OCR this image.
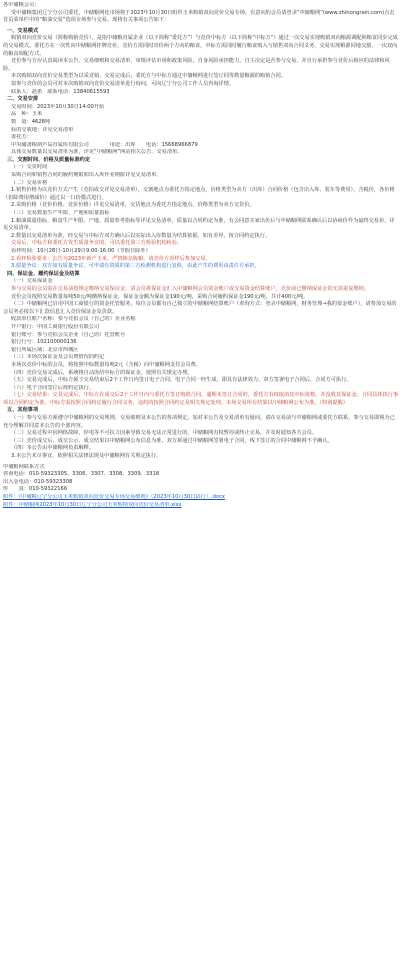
各中储粮会员：
受中储粮集团辽宁分公司委托，中储粮网化市场将于2023年10月30日组织玉米购销双向竞价交易专场，有意向的会员请登录“中储粮网”(www.zhinongrain.com)点击首页菜单栏中的“粮油交易”选项专场参与交易。现将有关事项公告如下：
一、交易模式
购销双向竞价交易（简称购销竞价），是指中储粮直属企业（以下简称“委托方”）与竞价中标方（以下简称“中标方”）通过一次交易实现购销双向粮源调配和粮食同步完成的交易模式。委托方在一次性向中储粮网挂牌竞价，竞价方需同时出价两个方向的粮食，中标方需同时履行粮食购入与销售双向合同义务，交易实现粮源同地交割、一次双向的粮食调配方式。
竞价参与方应认真阅读本公告、交易细则和交易清单，审慎评估市场和政策风险，自身风险承担能力，自主决定是否参与交易，并自行承担参与竞价后相应的法律和风险。
本次购销双向竞价交易类型为以采竞销，交易完成后，委托方与中标方通过中储粮网进行签订同等数量粮源的购销合同。
拟参与竞价的会员可对本次购销双向竞价交易清单进行询问，可向辽宁分公司工作人员咨询详情。
联系人：赵希　联系电话：13840615593
二、交易安排
交易时间：2023年10月30日14:00开始
品　种：玉米
数　量：4628吨
标的交收地：详见交易清单
委托方：
中央储备粮葫芦岛直属库有限公司　　　　用途：出库　　电话：15668966879
具体交易数量以交易清单为准，详见“中储粮网”网站相关公告、交易清单。
三、交割时间、价格及质量标准约定
（一）交货时间
采购合同和销售合同的履约期限和出入库作业期限详见交易清单。
（二）交易价格
1.销售价格为以竞价方式产生（竞拍成交详见交易清单），交割地点为委托方指定地点，价格类型为卖方（出库）合同价格（包含出入库、装车等费用），含税价，各价格（扣除费用增减价）通过以一口价模式进行。
2.采购价格（竞价价格、竞价价格）详见交易清单，交货地点为委托方指定地点，价格类型为卖方交货价。
（三）交易数量生产年限、产地和质量指标
1.粮油质量指标，粮食生产年限、产地、质量参考指标等详见交易清单，质量以合同约定为准，有会同意买家出价后与中储粮网联系确认后以协商价作为最终交易价，详见交易清单。
2.数量以交易清单为准，经交易与中标方双方确认后以实际出入库数量为结算依据，如有差异，按合同约定执行。
交易后，中标方和委托方发生质量争议的，可以委托第三方检验机构检验。
看样时间：10月28日-10月29日9:00-16:00（节假日除外）
2.看样检验要求：公告为2023年新产玉米，严禁掺杂陈粮，请竞价方看样后参加交易。
3.质量争议：双方如有质量争议，可申请有资质的第三方检测机构进行复检，由此产生的费用由责任方承担。
四、保证金、履约保证金及结算
（一）交易保证金
参与交易的会员需在交易前按规定缴纳交易保证金，请会员将保证金汇入中储粮网会员资金账户或交易资金结算账户，竞价前已缴纳保证金的无需重复缴纳。
竞价会员按照交易数量每吨50元/吨缴纳保证金，保证金金额为保证金190元/吨，采购合同履约保证金190元/吨，共计400元/吨。
（二）中储粮网已启用中国工商银行的资金托管服务，每位会员都有自己独立的中储粮网结算账户（查询方式：登录中储粮网，财务管理→我的资金账户），请参加交易的会员务必按以下汇款信息汇入竞价保证金及货款。
收款单位账户名称：参与竞拍会员（自己的）企业名称
开户银行：中国工商银行股份有限公司
银行账号：参与竞拍会员企业（自己的）托管账号
银行行号：102100000136
银行所属区域：北京市西城区
（三）本场次保证金及会员费情况的约定
本场次竞价中标的会员，将按照中标数量每吨2元（含税）向中储粮网支付会员费。
（四）竞价交易完成后，系统将自动冻结中标方的保证金，按照有关规定办理。
（五）交易完成后，中标方须于交易结束后2个工作日内签订电子合同。电子合同一经生成，即具有法律效力。双方签署电子合同后，合同方可执行。
（六）电子合同签订后按约定执行。
（七）交易结果：交易完成后，中标方在成交后2个工作日内与委托方签订购销合同，逾期未签订合同的，委托方有权取消其中标资格，并没收其保证金。合同具体执行事项以合同约定为准，中标方需按照合同约定履行合同义务，违约的按照合同约定及相关规定处理。本场交易所有结果以中储粮网公布为准。（特别提醒）
五、其他事项
（一）参与交易方须遵守中储粮网的交易规则、交易细则及本公告的各项规定，如对本公告及交易清单有疑问，请在交易前与中储粮网或委托方联系，参与交易即视为已充分理解并同意本公告的全部内容。
（二）交易过程中因网络故障、停电等不可抗力因素导致交易无法正常进行的，中储粮网有权暂停或终止交易，并及时通知各方会员。
（三）竞价成交后，成交公示、成交结果以中储粮网公布信息为准，双方须通过中储粮网签署电子合同，线下签订的合同中储粮网不予确认。
（四）本公告由中储粮网负责解释。
3.本公告未尽事宜，依照相关法律法规及中储粮网有关规定执行。
中储粮网联系方式
咨询电话：010-59323305、3306、3307、3308、3309、3318
出入金电话：010-59323308
传　　真：010-59322166
附件：《中储粮辽宁分公司玉米购销双向竞价交易专场交易细则》（2023年10月30日试行）.docx
附件：中储粮网2023年10月30日辽宁分公司玉米购销双向竞价交易清单.xlsx
